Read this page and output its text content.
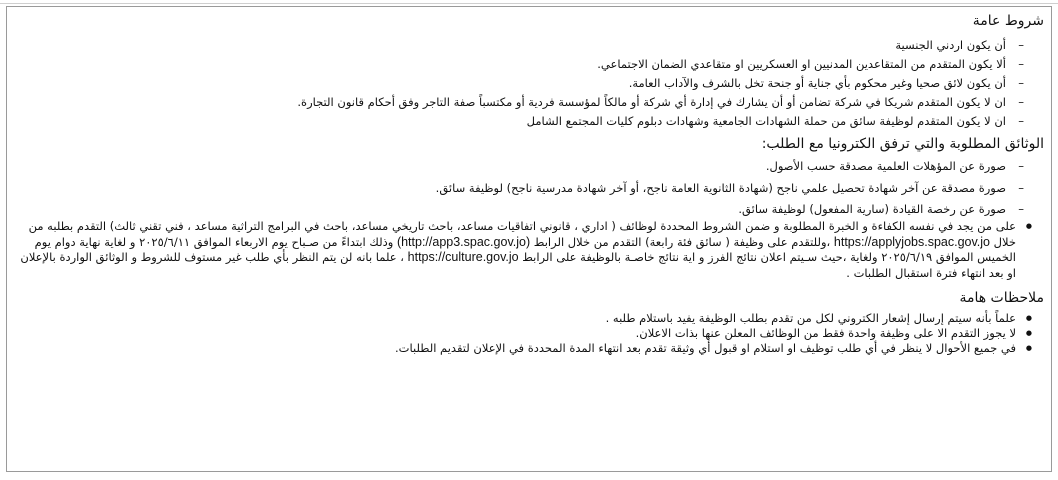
شروط عامة
– أن يكون اردني الجنسية
– ألا يكون المتقدم من المتقاعدين المدنيين او العسكريين او متقاعدي الضمان الاجتماعي.
– أن يكون لائق صحيا وغير محكوم بأي جناية أو جنحة تخل بالشرف والآداب العامة.
– ان لا يكون المتقدم شريكا في شركة تضامن أو أن يشارك في إدارة أي شركة أو مالكاً لمؤسسة فردية أو مكتسباً صفة التاجر وفق أحكام قانون التجارة.
– ان لا يكون المتقدم لوظيفة سائق من حملة الشهادات الجامعية وشهادات دبلوم كليات المجتمع الشامل
الوثائق المطلوبة والتي ترفق الكترونيا مع الطلب:
– صورة عن المؤهلات العلمية مصدقة حسب الأصول.
– صورة مصدقة عن آخر شهادة تحصيل علمي ناجح (شهادة الثانوية العامة ناجح، أو آخر شهادة مدرسية ناجح) لوظيفة سائق.
– صورة عن رخصة القيادة (سارية المفعول) لوظيفة سائق.
● على من يجد في نفسه الكفاءة و الخبرة المطلوبة و ضمن الشروط المحددة لوظائف ( اداري ، قانوني اتفاقيات مساعد، باحث تاريخي مساعد، باحث في البرامج التراثية مساعد ، فني تقني ثالث) التقدم بطلبه من خلال https://applyjobs.spac.gov.jo ،وللتقدم على وظيفة ( سائق فئة رابعة) التقدم من خلال الرابط (http://app3.spac.gov.jo) وذلك ابتداءً من صـباح يوم الاربعاء الموافق ٢٠٢٥/٦/١١ و لغاية نهاية دوام يوم الخميس الموافق ٢٠٢٥/٦/١٩ ولغاية ،حيث سـيتم اعلان نتائج الفرز و اية نتائج خاصـة بالوظيفة على الرابط https://culture.gov.jo ، علما بانه لن يتم النظر بأي طلب غير مستوف للشروط و الوثائق الواردة بالإعلان او بعد انتهاء فترة استقبال الطلبات .
ملاحظات هامة
● علماً بأنه سيتم إرسال إشعار الكتروني لكل من تقدم بطلب الوظيفة يفيد باستلام طلبه .
● لا يجوز التقدم الا على وظيفة واحدة فقط من الوظائف المعلن عنها بذات الاعلان.
● في جميع الأحوال لا ينظر في أي طلب توظيف او استلام او قبول أي وثيقة تقدم بعد انتهاء المدة المحددة في الإعلان لتقديم الطلبات.
